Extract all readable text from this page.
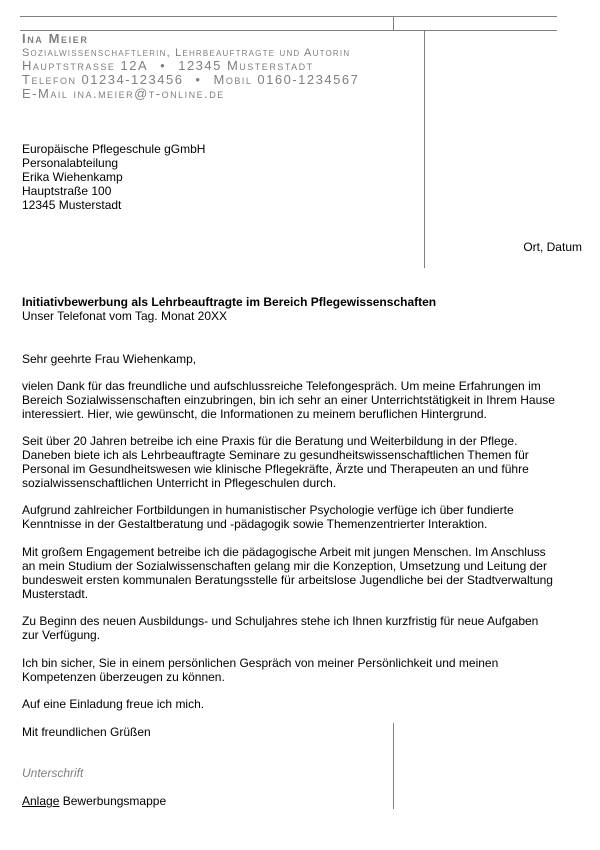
Ina Meier

Sozialwissenschaftlerin, Lehrbeauftragte und Autorin

Hauptstrasse 12A • 12345 Musterstadt

Telefon 01234-123456 • Mobil 0160-1234567

E-Mail ina.meier@t-online.de

Europäische Pflegeschule gGmbH
Personalabteilung
Erika Wiehenkamp
Hauptstraße 100
12345 Musterstadt

Ort, Datum

Initiativbewerbung als Lehrbeauftragte im Bereich Pflegewissenschaften
Unser Telefonat vom Tag. Monat 20XX

Sehr geehrte Frau Wiehenkamp,

vielen Dank für das freundliche und aufschlussreiche Telefongespräch. Um meine Erfahrungen im
Bereich Sozialwissenschaften einzubringen, bin ich sehr an einer Unterrichtstätigkeit in Ihrem Hause
interessiert. Hier, wie gewünscht, die Informationen zu meinem beruflichen Hintergrund.

Seit über 20 Jahren betreibe ich eine Praxis für die Beratung und Weiterbildung in der Pflege.
Daneben biete ich als Lehrbeauftragte Seminare zu gesundheitswissenschaftlichen Themen für
Personal im Gesundheitswesen wie klinische Pflegekräfte, Ärzte und Therapeuten an und führe
sozialwissenschaftlichen Unterricht in Pflegeschulen durch.

Aufgrund zahlreicher Fortbildungen in humanistischer Psychologie verfüge ich über fundierte
Kenntnisse in der Gestaltberatung und -pädagogik sowie Themenzentrierter Interaktion.

Mit großem Engagement betreibe ich die pädagogische Arbeit mit jungen Menschen. Im Anschluss
an mein Studium der Sozialwissenschaften gelang mir die Konzeption, Umsetzung und Leitung der
bundesweit ersten kommunalen Beratungsstelle für arbeitslose Jugendliche bei der Stadtverwaltung
Musterstadt.

Zu Beginn des neuen Ausbildungs- und Schuljahres stehe ich Ihnen kurzfristig für neue Aufgaben
zur Verfügung.

Ich bin sicher, Sie in einem persönlichen Gespräch von meiner Persönlichkeit und meinen
Kompetenzen überzeugen zu können.

Auf eine Einladung freue ich mich.

Mit freundlichen Grüßen

Unterschrift

Anlage Bewerbungsmappe
